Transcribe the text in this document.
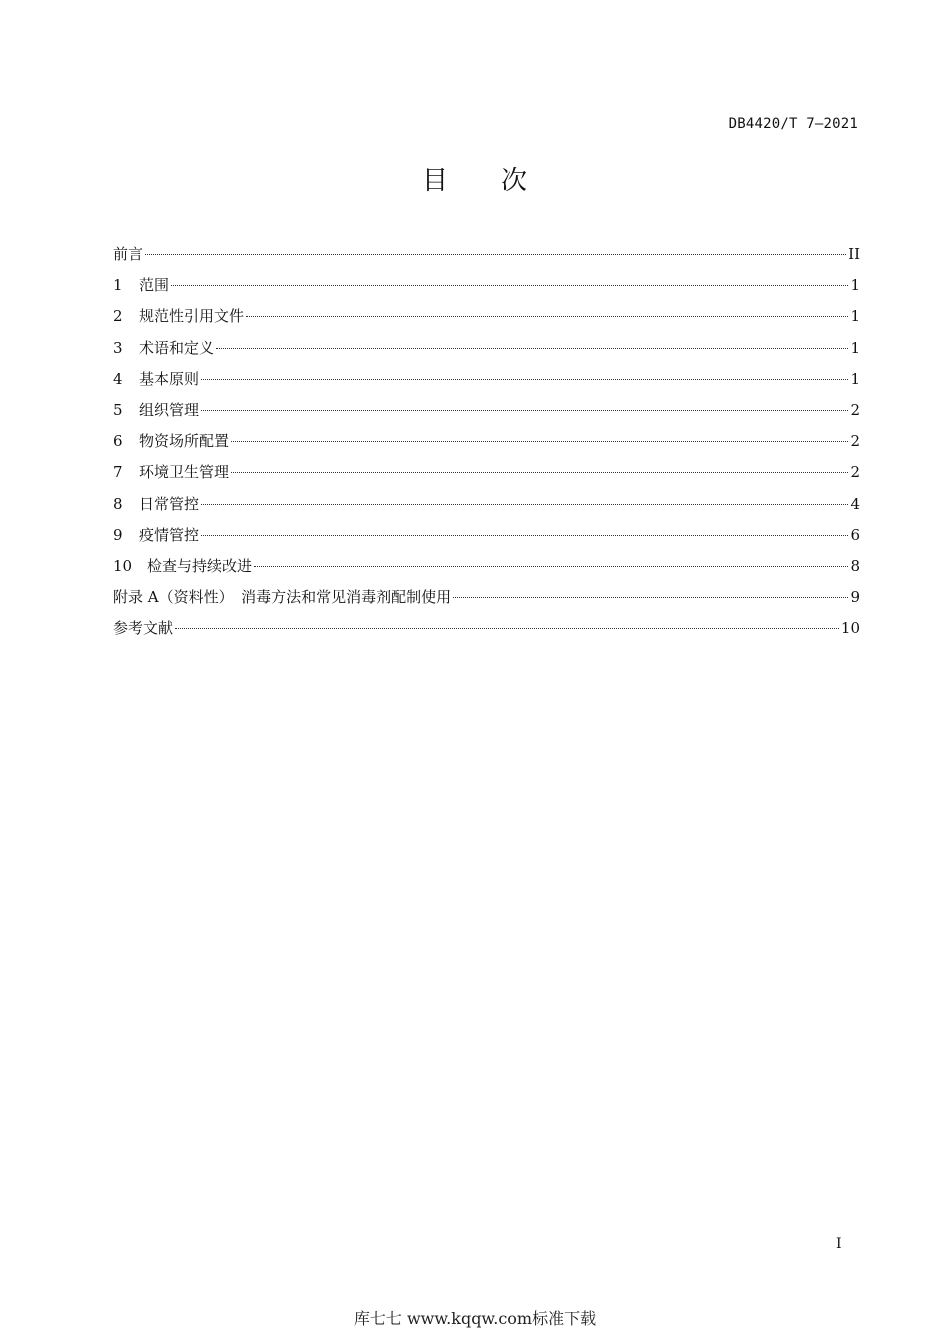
DB4420/T 7—2021
目 次
前言	II
1	范围	1
2	规范性引用文件	1
3	术语和定义	1
4	基本原则	1
5	组织管理	2
6	物资场所配置	2
7	环境卫生管理	2
8	日常管控	4
9	疫情管控	6
10 检查与持续改进	8
附录 A（资料性）　消毒方法和常见消毒剂配制使用	9
参考文献	10
I
库七七 www.kqqw.com标准下载
